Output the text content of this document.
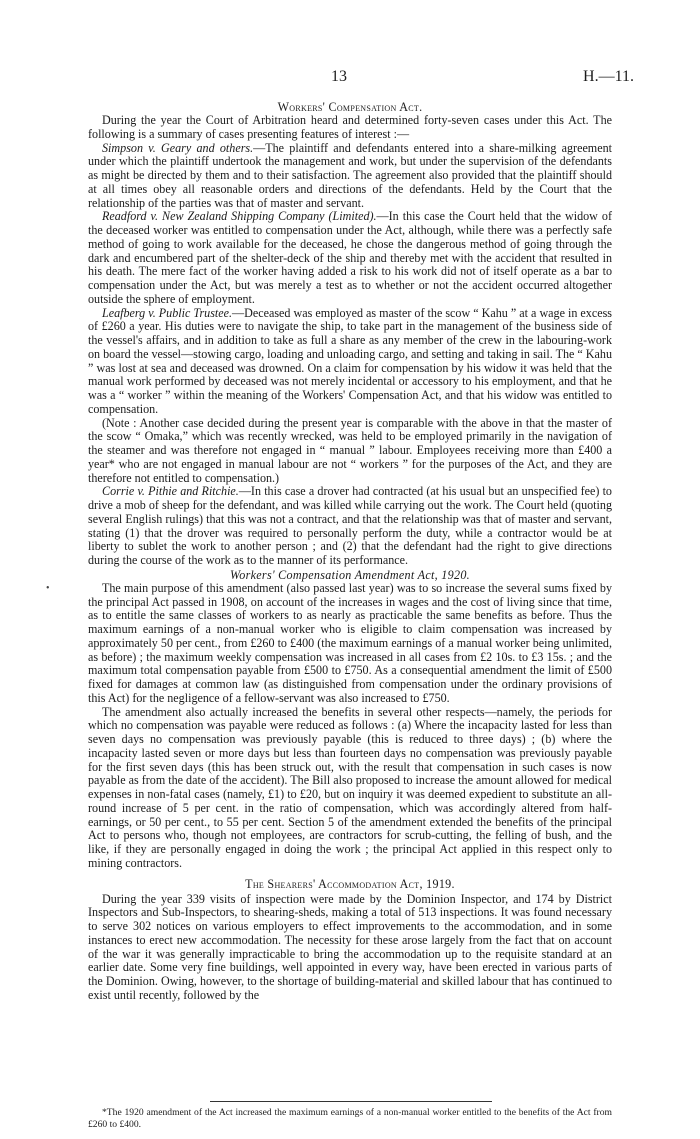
13	H.—11.
•
Workers' Compensation Act.

During the year the Court of Arbitration heard and determined forty-seven cases under this Act. The following is a summary of cases presenting features of interest :—

Simpson v. Geary and others.—The plaintiff and defendants entered into a share-milking agreement under which the plaintiff undertook the management and work, but under the supervision of the defendants as might be directed by them and to their satisfaction. The agreement also provided that the plaintiff should at all times obey all reasonable orders and directions of the defendants. Held by the Court that the relationship of the parties was that of master and servant.

Readford v. New Zealand Shipping Company (Limited).—In this case the Court held that the widow of the deceased worker was entitled to compensation under the Act, although, while there was a perfectly safe method of going to work available for the deceased, he chose the dangerous method of going through the dark and encumbered part of the shelter-deck of the ship and thereby met with the accident that resulted in his death. The mere fact of the worker having added a risk to his work did not of itself operate as a bar to compensation under the Act, but was merely a test as to whether or not the accident occurred altogether outside the sphere of employment.

Leafberg v. Public Trustee.—Deceased was employed as master of the scow “ Kahu ” at a wage in excess of £260 a year. His duties were to navigate the ship, to take part in the management of the business side of the vessel's affairs, and in addition to take as full a share as any member of the crew in the labouring-work on board the vessel—stowing cargo, loading and unloading cargo, and setting and taking in sail. The “ Kahu ” was lost at sea and deceased was drowned. On a claim for compensation by his widow it was held that the manual work performed by deceased was not merely incidental or accessory to his employment, and that he was a “ worker ” within the meaning of the Workers' Compensation Act, and that his widow was entitled to compensation.

(Note : Another case decided during the present year is comparable with the above in that the master of the scow “ Omaka,” which was recently wrecked, was held to be employed primarily in the navigation of the steamer and was therefore not engaged in “ manual ” labour. Employees receiving more than £400 a year* who are not engaged in manual labour are not “ workers ” for the purposes of the Act, and they are therefore not entitled to compensation.)

Corrie v. Pithie and Ritchie.—In this case a drover had contracted (at his usual but an unspecified fee) to drive a mob of sheep for the defendant, and was killed while carrying out the work. The Court held (quoting several English rulings) that this was not a contract, and that the relationship was that of master and servant, stating (1) that the drover was required to personally perform the duty, while a contractor would be at liberty to sublet the work to another person ; and (2) that the defendant had the right to give directions during the course of the work as to the manner of its performance.

Workers' Compensation Amendment Act, 1920.

The main purpose of this amendment (also passed last year) was to so increase the several sums fixed by the principal Act passed in 1908, on account of the increases in wages and the cost of living since that time, as to entitle the same classes of workers to as nearly as practicable the same benefits as before. Thus the maximum earnings of a non-manual worker who is eligible to claim compensation was increased by approximately 50 per cent., from £260 to £400 (the maximum earnings of a manual worker being unlimited, as before) ; the maximum weekly compensation was increased in all cases from £2 10s. to £3 15s. ; and the maximum total compensation payable from £500 to £750. As a consequential amendment the limit of £500 fixed for damages at common law (as distinguished from compensation under the ordinary provisions of this Act) for the negligence of a fellow-servant was also increased to £750.

The amendment also actually increased the benefits in several other respects—namely, the periods for which no compensation was payable were reduced as follows : (a) Where the incapacity lasted for less than seven days no compensation was previously payable (this is reduced to three days) ; (b) where the incapacity lasted seven or more days but less than fourteen days no compensation was previously payable for the first seven days (this has been struck out, with the result that compensation in such cases is now payable as from the date of the accident). The Bill also proposed to increase the amount allowed for medical expenses in non-fatal cases (namely, £1) to £20, but on inquiry it was deemed expedient to substitute an all-round increase of 5 per cent. in the ratio of compensation, which was accordingly altered from half-earnings, or 50 per cent., to 55 per cent. Section 5 of the amendment extended the benefits of the principal Act to persons who, though not employees, are contractors for scrub-cutting, the felling of bush, and the like, if they are personally engaged in doing the work ; the principal Act applied in this respect only to mining contractors.

The Shearers' Accommodation Act, 1919.

During the year 339 visits of inspection were made by the Dominion Inspector, and 174 by District Inspectors and Sub-Inspectors, to shearing-sheds, making a total of 513 inspections. It was found necessary to serve 302 notices on various employers to effect improvements to the accommodation, and in some instances to erect new accommodation. The necessity for these arose largely from the fact that on account of the war it was generally impracticable to bring the accommodation up to the requisite standard at an earlier date. Some very fine buildings, well appointed in every way, have been erected in various parts of the Dominion. Owing, however, to the shortage of building-material and skilled labour that has continued to exist until recently, followed by the

*The 1920 amendment of the Act increased the maximum earnings of a non-manual worker entitled to the benefits of the Act from £260 to £400.
